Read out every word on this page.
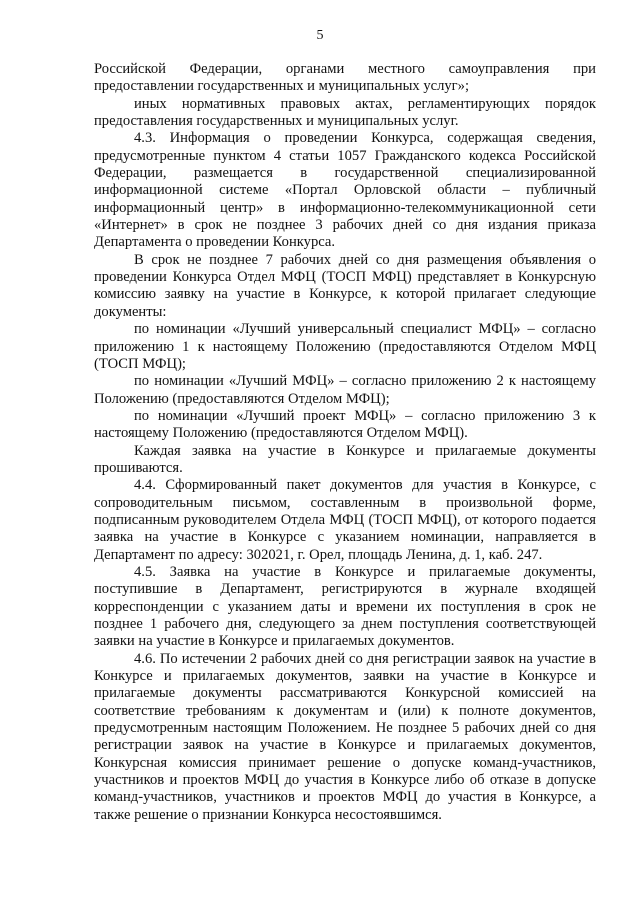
5

Российской Федерации, органами местного самоуправления при предоставлении государственных и муниципальных услуг»;

иных нормативных правовых актах, регламентирующих порядок предоставления государственных и муниципальных услуг.

4.3. Информация о проведении Конкурса, содержащая сведения, предусмотренные пунктом 4 статьи 1057 Гражданского кодекса Российской Федерации, размещается в государственной специализированной информационной системе «Портал Орловской области – публичный информационный центр» в информационно-телекоммуникационной сети «Интернет» в срок не позднее 3 рабочих дней со дня издания приказа Департамента о проведении Конкурса.

В срок не позднее 7 рабочих дней со дня размещения объявления о проведении Конкурса Отдел МФЦ (ТОСП МФЦ) представляет в Конкурсную комиссию заявку на участие в Конкурсе, к которой прилагает следующие документы:

по номинации «Лучший универсальный специалист МФЦ» – согласно приложению 1 к настоящему Положению (предоставляются Отделом МФЦ (ТОСП МФЦ);

по номинации «Лучший МФЦ» – согласно приложению 2 к настоящему Положению (предоставляются Отделом МФЦ);

по номинации «Лучший проект МФЦ» – согласно приложению 3 к настоящему Положению (предоставляются Отделом МФЦ).

Каждая заявка на участие в Конкурсе и прилагаемые документы прошиваются.

4.4. Сформированный пакет документов для участия в Конкурсе, с сопроводительным письмом, составленным в произвольной форме, подписанным руководителем Отдела МФЦ (ТОСП МФЦ), от которого подается заявка на участие в Конкурсе с указанием номинации, направляется в Департамент по адресу: 302021, г. Орел, площадь Ленина, д. 1, каб. 247.

4.5. Заявка на участие в Конкурсе и прилагаемые документы, поступившие в Департамент, регистрируются в журнале входящей корреспонденции с указанием даты и времени их поступления в срок не позднее 1 рабочего дня, следующего за днем поступления соответствующей заявки на участие в Конкурсе и прилагаемых документов.

4.6. По истечении 2 рабочих дней со дня регистрации заявок на участие в Конкурсе и прилагаемых документов, заявки на участие в Конкурсе и прилагаемые документы рассматриваются Конкурсной комиссией на соответствие требованиям к документам и (или) к полноте документов, предусмотренным настоящим Положением. Не позднее 5 рабочих дней со дня регистрации заявок на участие в Конкурсе и прилагаемых документов, Конкурсная комиссия принимает решение о допуске команд-участников, участников и проектов МФЦ до участия в Конкурсе либо об отказе в допуске команд-участников, участников и проектов МФЦ до участия в Конкурсе, а также решение о признании Конкурса несостоявшимся.
